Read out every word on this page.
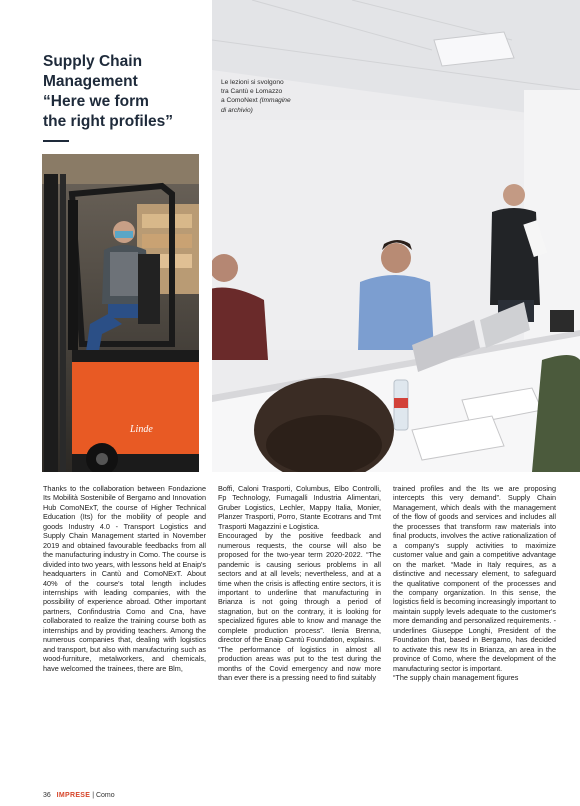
Supply Chain
Management
“Here we form
the right profiles”
Linde
Le lezioni si svolgono
tra Cantù e Lomazzo
a ComoNext (Immagine
di archivio)

Thanks to the collaboration between Fondazione Its Mobilità Sostenibile of Bergamo and Innovation Hub ComoNExT, the course of Higher Technical Education (Its) for the mobility of people and goods Industry 4.0 - Transport Logistics and Supply Chain Management started in November 2019 and obtained favourable feedbacks from all the manufacturing industry in Como. The course is divided into two years, with lessons held at Enaip's headquarters in Cantù and ComoNExT. About 40% of the course's total length includes internships with leading companies, with the possibility of experience abroad. Other important partners, Confindustria Como and Cna, have collaborated to realize the training course both as internships and by providing teachers. Among the numerous companies that, dealing with logistics and transport, but also with manufacturing such as wood-furniture, metalworkers, and chemicals, have welcomed the trainees, there are Blm,

Boffi, Caloni Trasporti, Columbus, Elbo Controlli, Fp Technology, Fumagalli Industria Alimentari, Gruber Logistics, Lechler, Mappy Italia, Monier, Planzer Trasporti, Porro, Stante Ecotrans and Tmt Trasporti Magazzini e Logistica.

Encouraged by the positive feedback and numerous requests, the course will also be proposed for the two-year term 2020-2022. “The pandemic is causing serious problems in all sectors and at all levels; nevertheless, and at a time when the crisis is affecting entire sectors, it is important to underline that manufacturing in Brianza is not going through a period of stagnation, but on the contrary, it is looking for specialized figures able to know and manage the complete production process”. Ilenia Brenna, director of the Enaip Cantù Foundation, explains.

“The performance of logistics in almost all production areas was put to the test during the months of the Covid emergency and now more than ever there is a pressing need to find suitably

trained profiles and the Its we are proposing intercepts this very demand”. Supply Chain Management, which deals with the management of the flow of goods and services and includes all the processes that transform raw materials into final products, involves the active rationalization of a company's supply activities to maximize customer value and gain a competitive advantage on the market. “Made in Italy requires, as a distinctive and necessary element, to safeguard the qualitative component of the processes and the company organization. In this sense, the logistics field is becoming increasingly important to maintain supply levels adequate to the customer's more demanding and personalized requirements. - underlines Giuseppe Longhi, President of the Foundation that, based in Bergamo, has decided to activate this new Its in Brianza, an area in the province of Como, where the development of the manufacturing sector is important.

“The supply chain management figures

36 IMPRESE | Como
